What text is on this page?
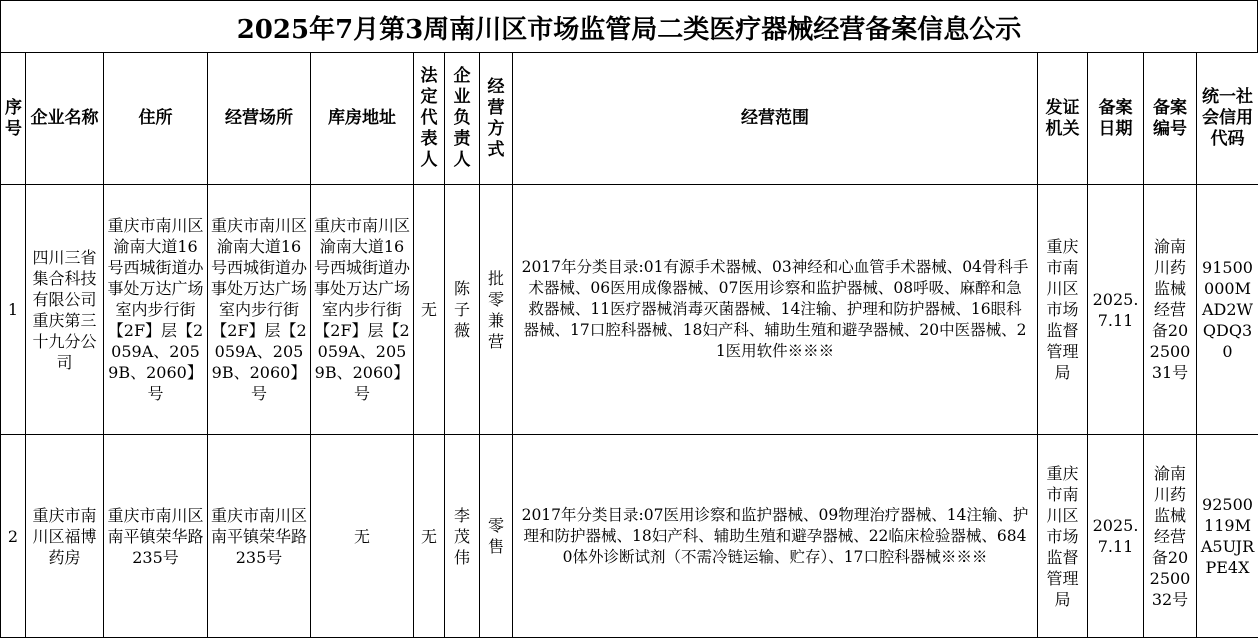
2025年7月第3周南川区市场监管局二类医疗器械经营备案信息公示
序号	企业名称	住所	经营场所	库房地址	法定代表人	企业负责人	经营方式	经营范围	发证机关	备案日期	备案编号	统一社会信用代码
1	四川三省集合科技有限公司重庆第三十九分公司	重庆市南川区渝南大道16号西城街道办事处万达广场室内步行街【2F】层【2059A、2059B、2060】号	重庆市南川区渝南大道16号西城街道办事处万达广场室内步行街【2F】层【2059A、2059B、2060】号	重庆市南川区渝南大道16号西城街道办事处万达广场室内步行街【2F】层【2059A、2059B、2060】号	无	陈子薇	批零兼营	2017年分类目录:01有源手术器械、03神经和心血管手术器械、04骨科手术器械、06医用成像器械、07医用诊察和监护器械、08呼吸、麻醉和急救器械、11医疗器械消毒灭菌器械、14注输、护理和防护器械、16眼科器械、17口腔科器械、18妇产科、辅助生殖和避孕器械、20中医器械、21医用软件※※※	重庆市南川区市场监督管理局	2025.7.11	渝南川药监械经营备20250031号	91500000MAD2WQDQ30
2	重庆市南川区福博药房	重庆市南川区南平镇荣华路235号	重庆市南川区南平镇荣华路235号	无	无	李茂伟	零售	2017年分类目录:07医用诊察和监护器械、09物理治疗器械、14注输、护理和防护器械、18妇产科、辅助生殖和避孕器械、22临床检验器械、6840体外诊断试剂（不需冷链运输、贮存）、17口腔科器械※※※	重庆市南川区市场监督管理局	2025.7.11	渝南川药监械经营备20250032号	92500119MA5UJRPE4X
